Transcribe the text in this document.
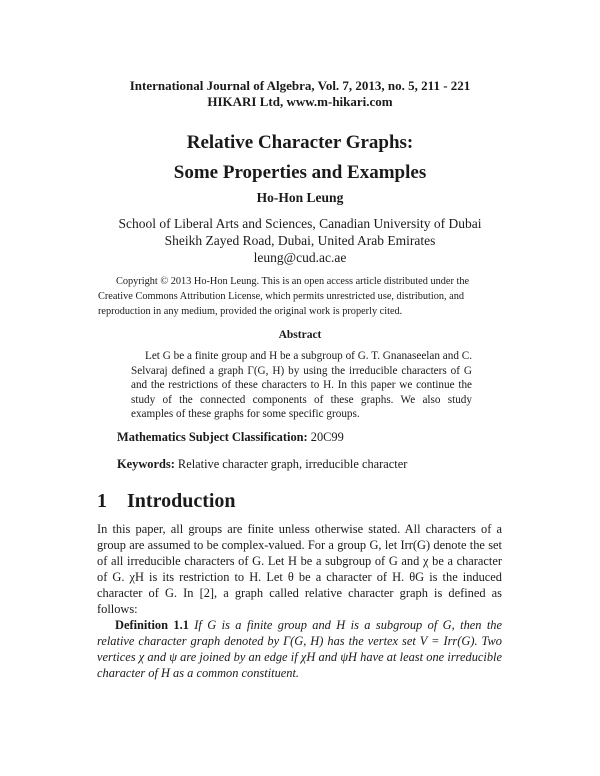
International Journal of Algebra, Vol. 7, 2013, no. 5, 211 - 221
HIKARI Ltd, www.m-hikari.com
Relative Character Graphs:
Some Properties and Examples
Ho-Hon Leung
School of Liberal Arts and Sciences, Canadian University of Dubai
Sheikh Zayed Road, Dubai, United Arab Emirates
leung@cud.ac.ae
Copyright © 2013 Ho-Hon Leung. This is an open access article distributed under the
Creative Commons Attribution License, which permits unrestricted use, distribution, and
reproduction in any medium, provided the original work is properly cited.
Abstract
Let G be a finite group and H be a subgroup of G. T. Gnanaseelan and C. Selvaraj defined a graph Γ(G, H) by using the irreducible characters of G and the restrictions of these characters to H. In this paper we continue the study of the connected components of these graphs. We also study examples of these graphs for some specific groups.
Mathematics Subject Classification: 20C99
Keywords: Relative character graph, irreducible character
1 Introduction
In this paper, all groups are finite unless otherwise stated. All characters of a group are assumed to be complex-valued. For a group G, let Irr(G) denote the set of all irreducible characters of G. Let H be a subgroup of G and χ be a character of G. χH is its restriction to H. Let θ be a character of H. θG is the induced character of G. In [2], a graph called relative character graph is defined as follows:
Definition 1.1 If G is a finite group and H is a subgroup of G, then the relative character graph denoted by Γ(G, H) has the vertex set V = Irr(G). Two vertices χ and ψ are joined by an edge if χH and ψH have at least one irreducible character of H as a common constituent.
